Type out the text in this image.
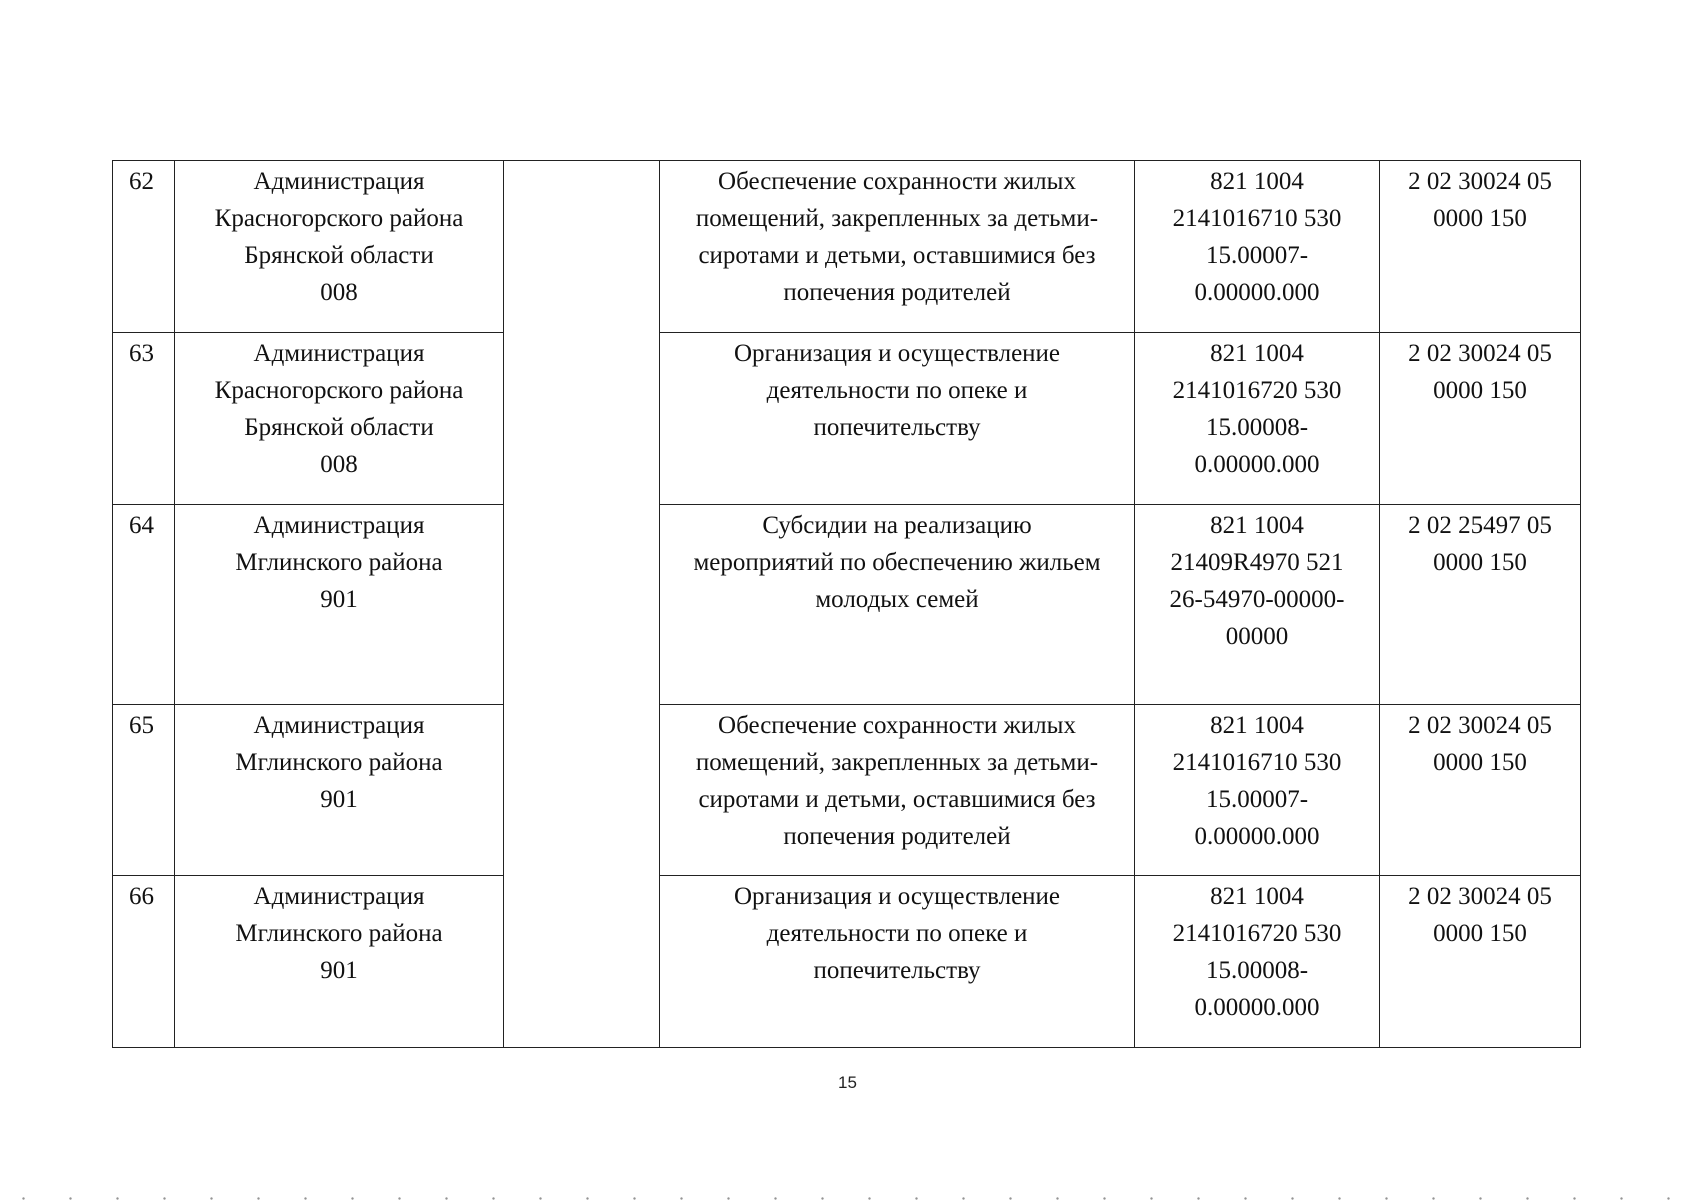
62	Администрация
Красногорского района
Брянской области
008		Обеспечение сохранности жилых
помещений, закрепленных за детьми-
сиротами и детьми, оставшимися без
попечения родителей	821 1004
2141016710 530
15.00007-
0.00000.000	2 02 30024 05
0000 150

63	Администрация
Красногорского района
Брянской области
008		Организация и осуществление
деятельности по опеке и
попечительству	821 1004
2141016720 530
15.00008-
0.00000.000	2 02 30024 05
0000 150

64	Администрация
Мглинского района
901		Субсидии на реализацию
мероприятий по обеспечению жильем
молодых семей	821 1004
21409R4970 521
26-54970-00000-
00000	2 02 25497 05
0000 150

65	Администрация
Мглинского района
901		Обеспечение сохранности жилых
помещений, закрепленных за детьми-
сиротами и детьми, оставшимися без
попечения родителей	821 1004
2141016710 530
15.00007-
0.00000.000	2 02 30024 05
0000 150

66	Администрация
Мглинского района
901		Организация и осуществление
деятельности по опеке и
попечительству	821 1004
2141016720 530
15.00008-
0.00000.000	2 02 30024 05
0000 150
15
